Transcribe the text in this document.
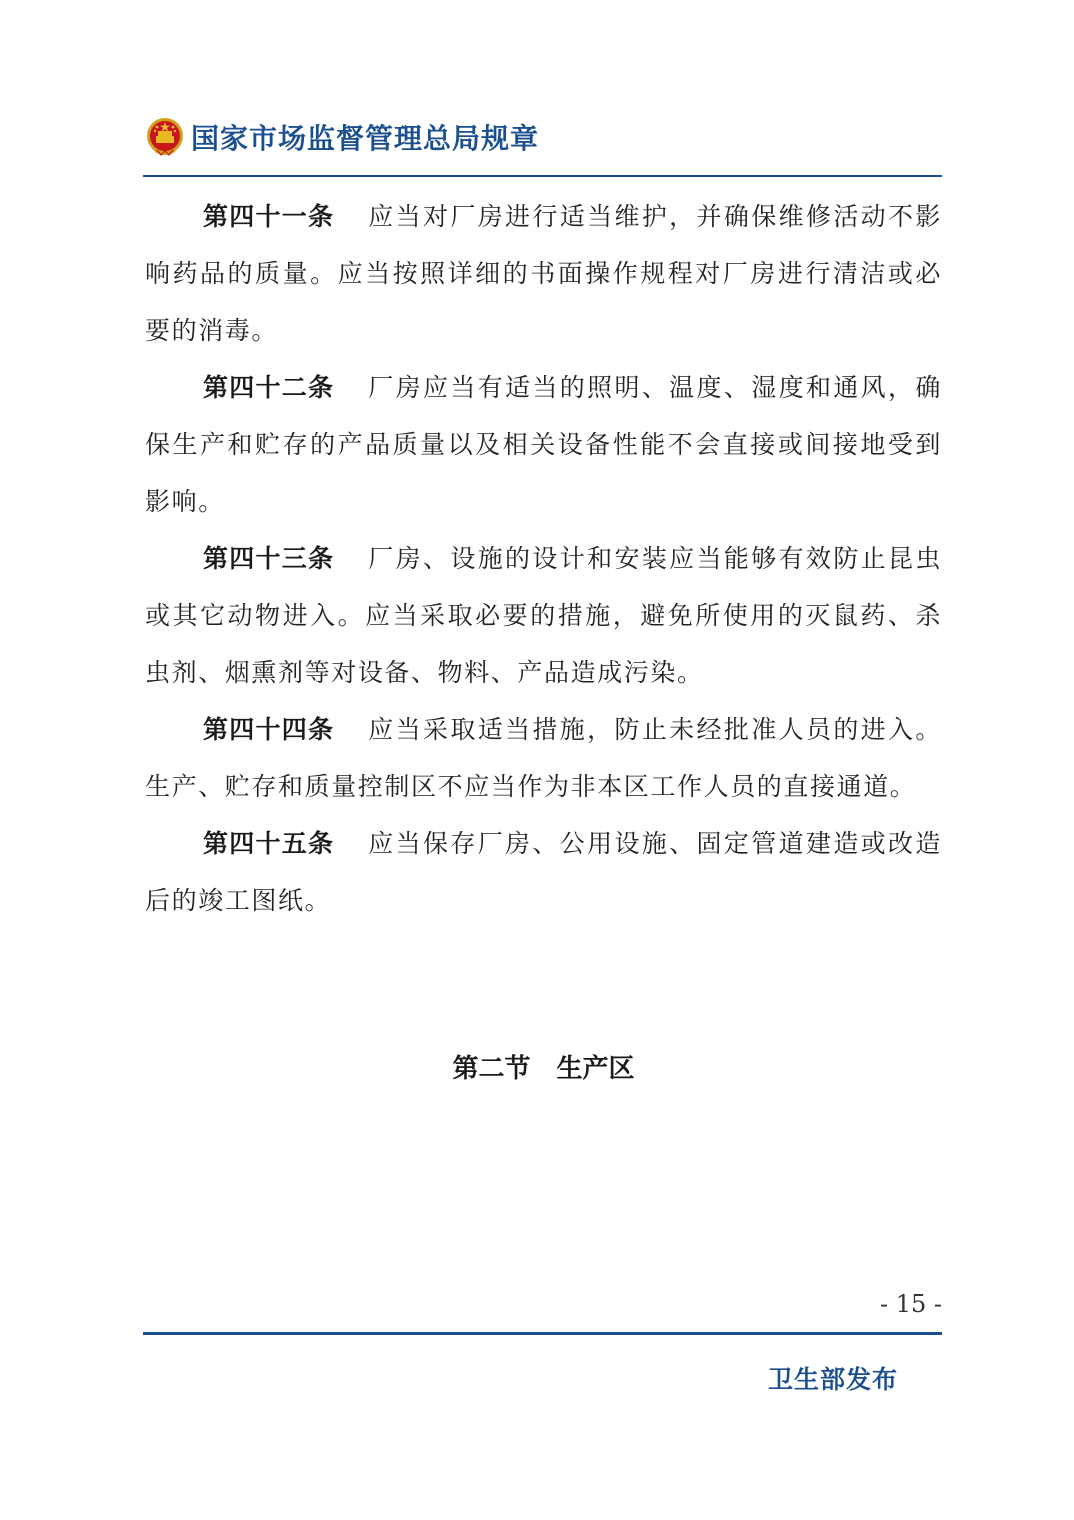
国家市场监督管理总局规章

第四十一条 应当对厂房进行适当维护，并确保维修活动不影响药品的质量。应当按照详细的书面操作规程对厂房进行清洁或必要的消毒。

第四十二条 厂房应当有适当的照明、温度、湿度和通风，确保生产和贮存的产品质量以及相关设备性能不会直接或间接地受到影响。

第四十三条 厂房、设施的设计和安装应当能够有效防止昆虫或其它动物进入。应当采取必要的措施，避免所使用的灭鼠药、杀虫剂、烟熏剂等对设备、物料、产品造成污染。

第四十四条 应当采取适当措施，防止未经批准人员的进入。生产、贮存和质量控制区不应当作为非本区工作人员的直接通道。

第四十五条 应当保存厂房、公用设施、固定管道建造或改造后的竣工图纸。

第二节　生产区
- 15 -
卫生部发布
